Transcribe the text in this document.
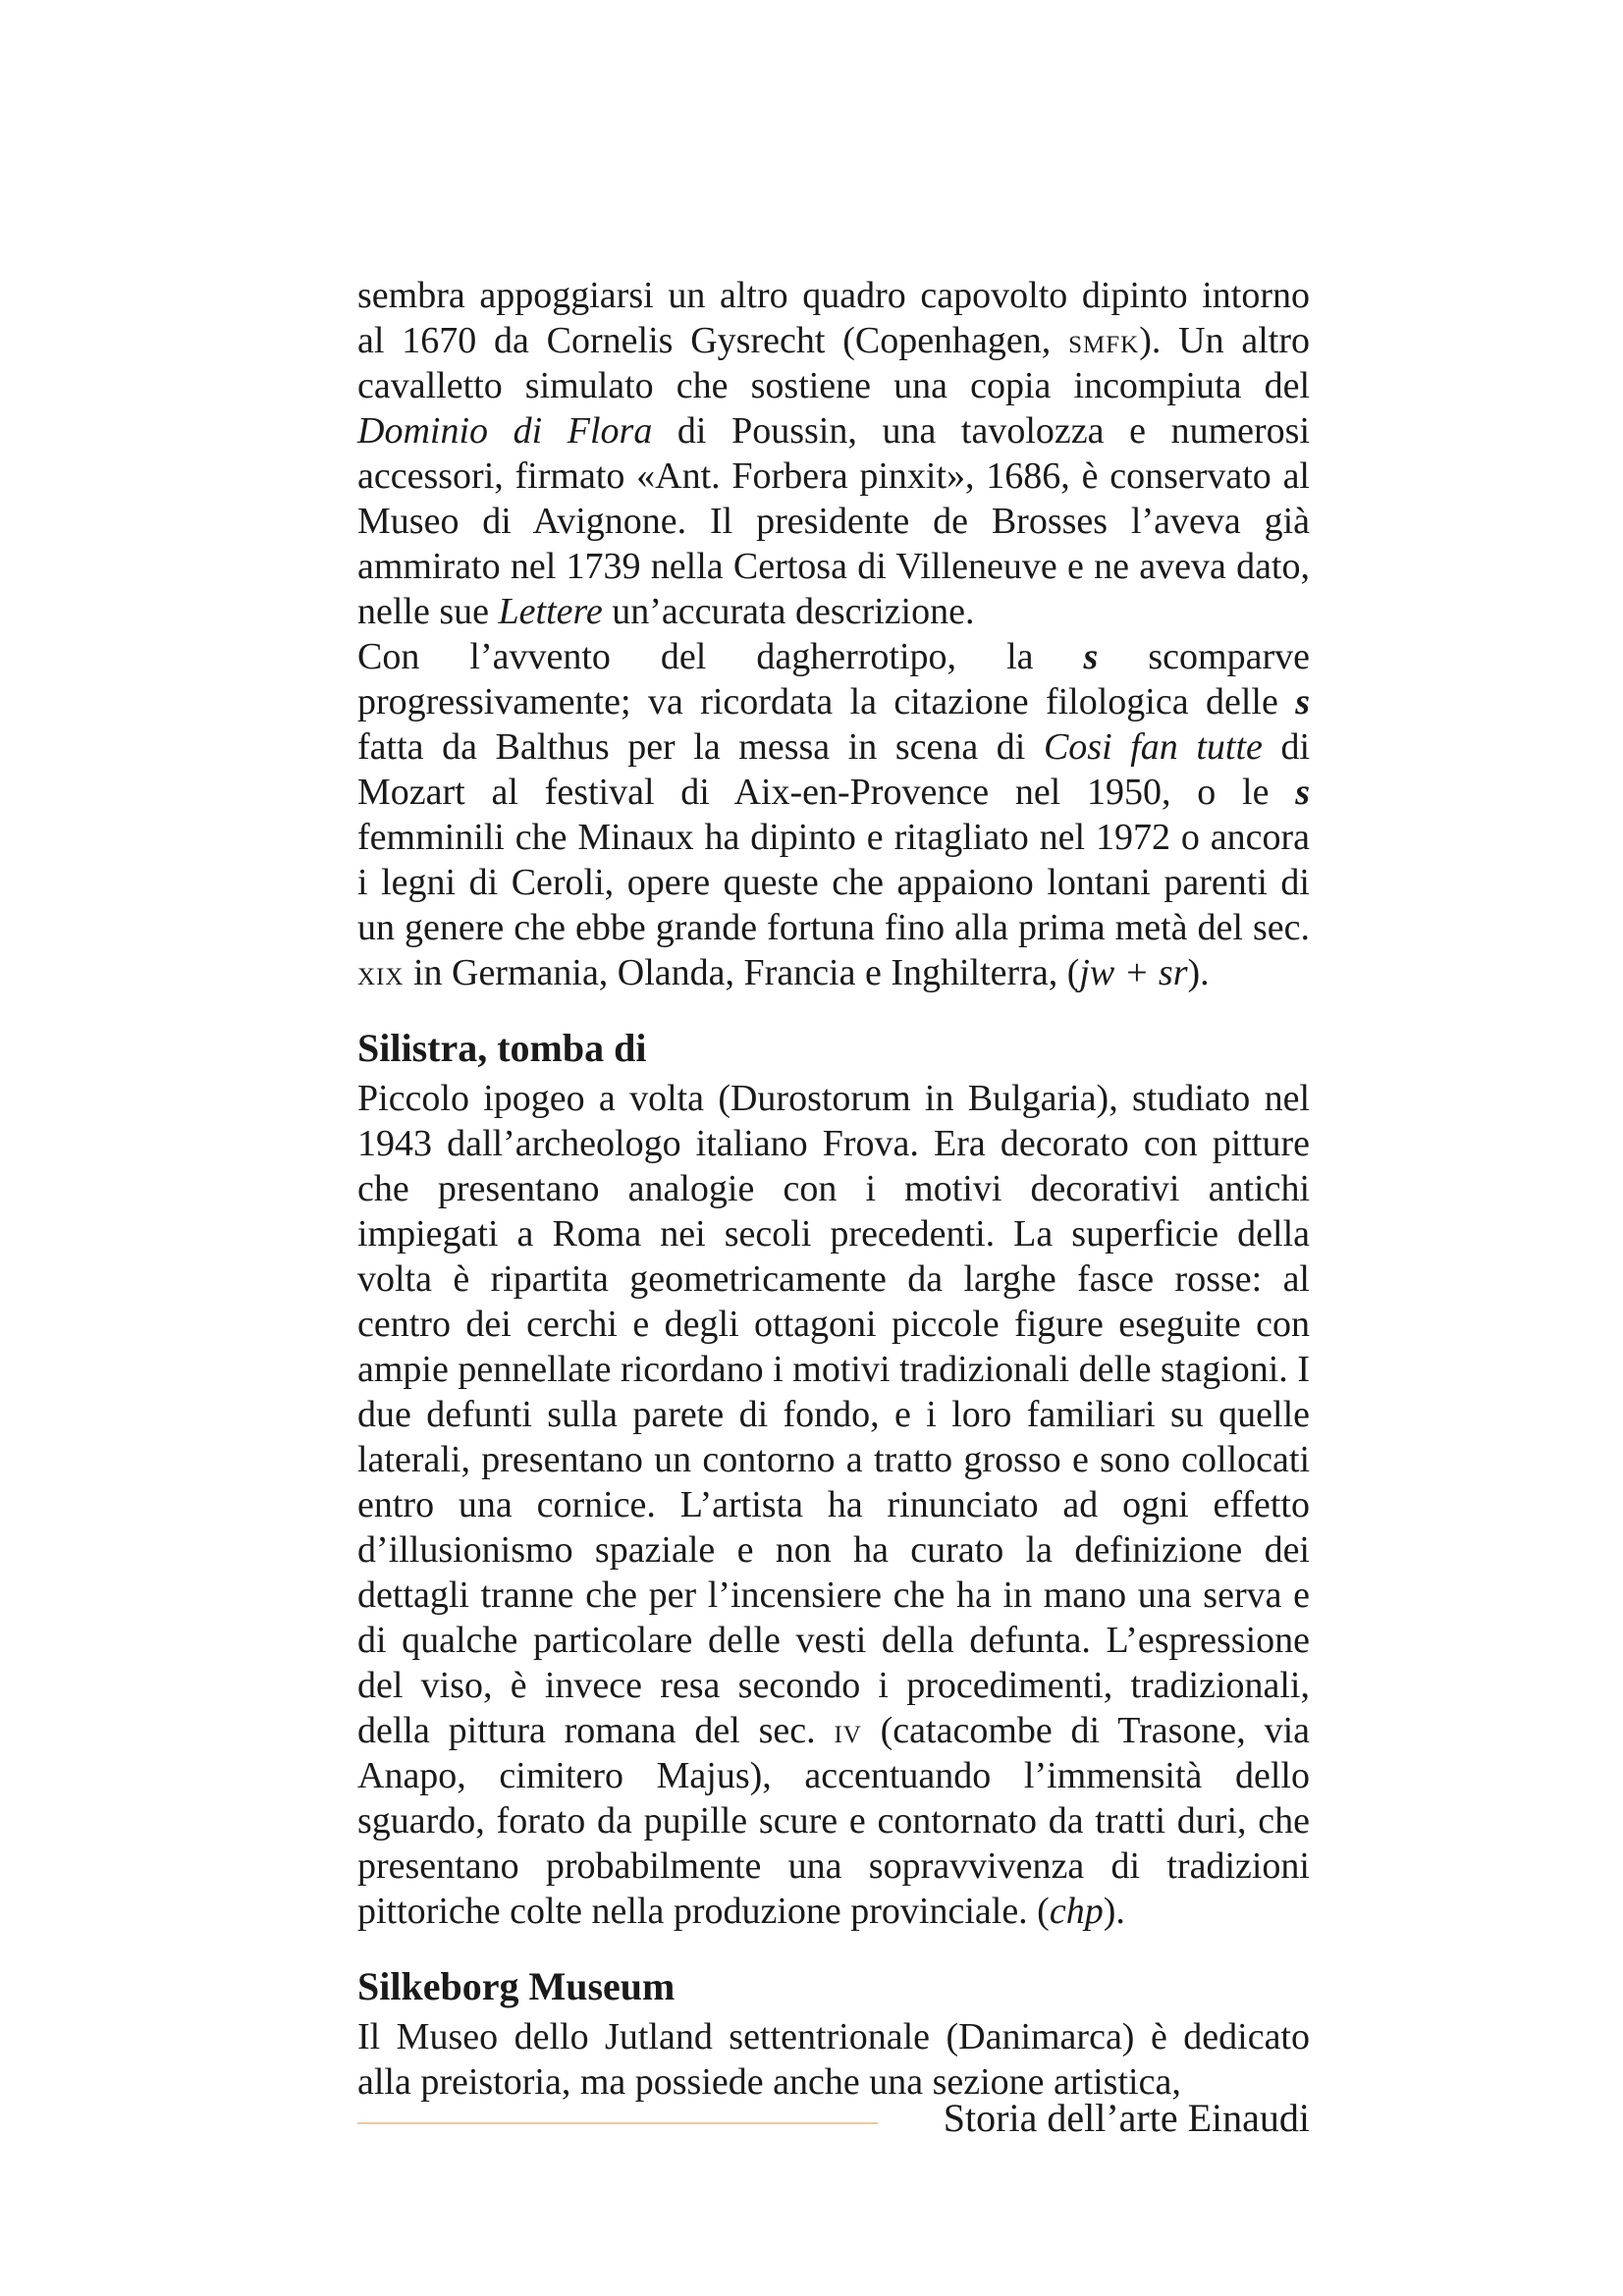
sembra appoggiarsi un altro quadro capovolto dipinto intorno al 1670 da Cornelis Gysrecht (Copenhagen, smfk). Un altro cavalletto simulato che sostiene una copia incompiuta del Dominio di Flora di Poussin, una tavolozza e numerosi accessori, firmato «Ant. Forbera pinxit», 1686, è conservato al Museo di Avignone. Il presidente de Brosses l’aveva già ammirato nel 1739 nella Certosa di Villeneuve e ne aveva dato, nelle sue Lettere un’accurata descrizione.

Con l’avvento del dagherrotipo, la s scomparve progressivamente; va ricordata la citazione filologica delle s fatta da Balthus per la messa in scena di Cosi fan tutte di Mozart al festival di Aix-en-Provence nel 1950, o le s femminili che Minaux ha dipinto e ritagliato nel 1972 o ancora i legni di Ceroli, opere queste che appaiono lontani parenti di un genere che ebbe grande fortuna fino alla prima metà del sec. xix in Germania, Olanda, Francia e Inghilterra, (jw + sr).

Silistra, tomba di

Piccolo ipogeo a volta (Durostorum in Bulgaria), studiato nel 1943 dall’archeologo italiano Frova. Era decorato con pitture che presentano analogie con i motivi decorativi antichi impiegati a Roma nei secoli precedenti. La superficie della volta è ripartita geometricamente da larghe fasce rosse: al centro dei cerchi e degli ottagoni piccole figure eseguite con ampie pennellate ricordano i motivi tradizionali delle stagioni. I due defunti sulla parete di fondo, e i loro familiari su quelle laterali, presentano un contorno a tratto grosso e sono collocati entro una cornice. L’artista ha rinunciato ad ogni effetto d’illusionismo spaziale e non ha curato la definizione dei dettagli tranne che per l’incensiere che ha in mano una serva e di qualche particolare delle vesti della defunta. L’espressione del viso, è invece resa secondo i procedimenti, tradizionali, della pittura romana del sec. iv (catacombe di Trasone, via Anapo, cimitero Majus), accentuando l’immensità dello sguardo, forato da pupille scure e contornato da tratti duri, che presentano probabilmente una sopravvivenza di tradizioni pittoriche colte nella produzione provinciale. (chp).

Silkeborg Museum

Il Museo dello Jutland settentrionale (Danimarca) è dedicato alla preistoria, ma possiede anche una sezione artistica,

Storia dell’arte Einaudi
